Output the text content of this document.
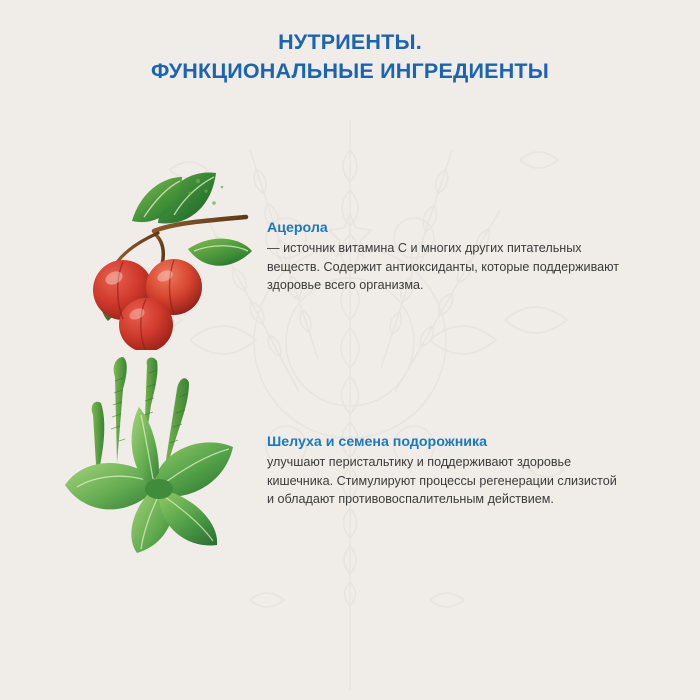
НУТРИЕНТЫ.
ФУНКЦИОНАЛЬНЫЕ ИНГРЕДИЕНТЫ

Ацерола

— источник витамина С и многих других питательных веществ. Содержит антиоксиданты, которые поддерживают здоровье всего организма.

Шелуха и семена подорожника

улучшают перистальтику и поддерживают здоровье кишечника. Стимулируют процессы регенерации слизистой и обладают противовоспалительным действием.
